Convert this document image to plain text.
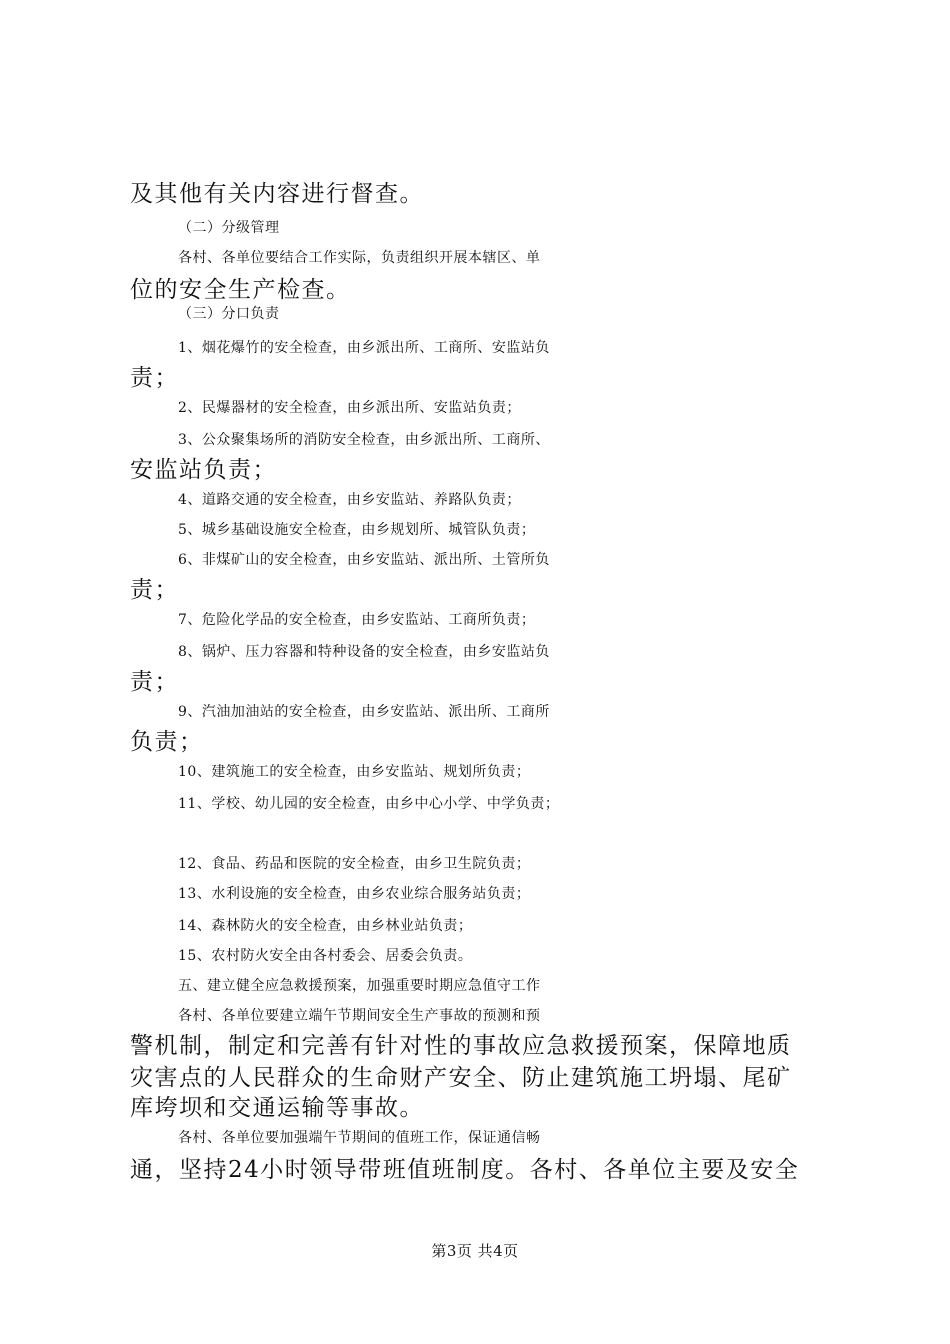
及其他有关内容进行督查。
（二）分级管理
各村、各单位要结合工作实际，负责组织开展本辖区、单
位的安全生产检查。
（三）分口负责
1、烟花爆竹的安全检查，由乡派出所、工商所、安监站负
责；
2、民爆器材的安全检查，由乡派出所、安监站负责；
3、公众聚集场所的消防安全检查，由乡派出所、工商所、
安监站负责；
4、道路交通的安全检查，由乡安监站、养路队负责；
5、城乡基础设施安全检查，由乡规划所、城管队负责；
6、非煤矿山的安全检查，由乡安监站、派出所、土管所负
责；
7、危险化学品的安全检查，由乡安监站、工商所负责；
8、锅炉、压力容器和特种设备的安全检查，由乡安监站负
责；
9、汽油加油站的安全检查，由乡安监站、派出所、工商所
负责；
10、建筑施工的安全检查，由乡安监站、规划所负责；
11、学校、幼儿园的安全检查，由乡中心小学、中学负责；
12、食品、药品和医院的安全检查，由乡卫生院负责；
13、水利设施的安全检查，由乡农业综合服务站负责；
14、森林防火的安全检查，由乡林业站负责；
15、农村防火安全由各村委会、居委会负责。
五、建立健全应急救援预案，加强重要时期应急值守工作
各村、各单位要建立端午节期间安全生产事故的预测和预
警机制，制定和完善有针对性的事故应急救援预案，保障地质
灾害点的人民群众的生命财产安全、防止建筑施工坍塌、尾矿
库垮坝和交通运输等事故。
各村、各单位要加强端午节期间的值班工作，保证通信畅
通，坚持24小时领导带班值班制度。各村、各单位主要及安全
第3页 共4页
